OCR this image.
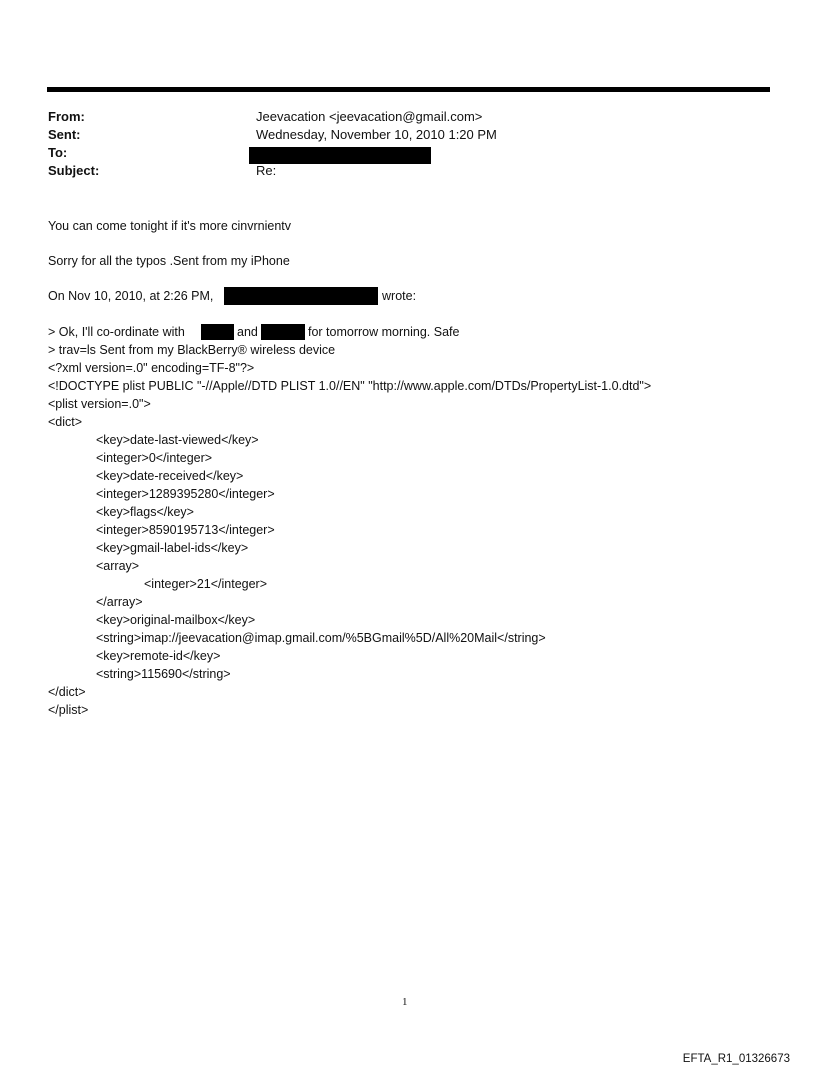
From:	Jeevacation <jeevacation@gmail.com>
Sent:	Wednesday, November 10, 2010 1:20 PM
To:
Subject:	Re:
You can come tonight if it's more cinvrnientv
Sorry for all the typos .Sent from my iPhone
On Nov 10, 2010, at 2:26 PM,	wrote:
> Ok, I'll co-ordinate with	and	for tomorrow morning. Safe
> trav=ls Sent from my BlackBerry® wireless device
<?xml version=.0" encoding=TF-8"?>
<!DOCTYPE plist PUBLIC "-//Apple//DTD PLIST 1.0//EN" "http://www.apple.com/DTDs/PropertyList-1.0.dtd">
<plist version=.0">
<dict>
<key>date-last-viewed</key>
<integer>0</integer>
<key>date-received</key>
<integer>1289395280</integer>
<key>flags</key>
<integer>8590195713</integer>
<key>gmail-label-ids</key>
<array>
<integer>21</integer>
</array>
<key>original-mailbox</key>
<string>imap://jeevacation@imap.gmail.com/%5BGmail%5D/All%20Mail</string>
<key>remote-id</key>
<string>115690</string>
</dict>
</plist>
1
EFTA_R1_01326673
